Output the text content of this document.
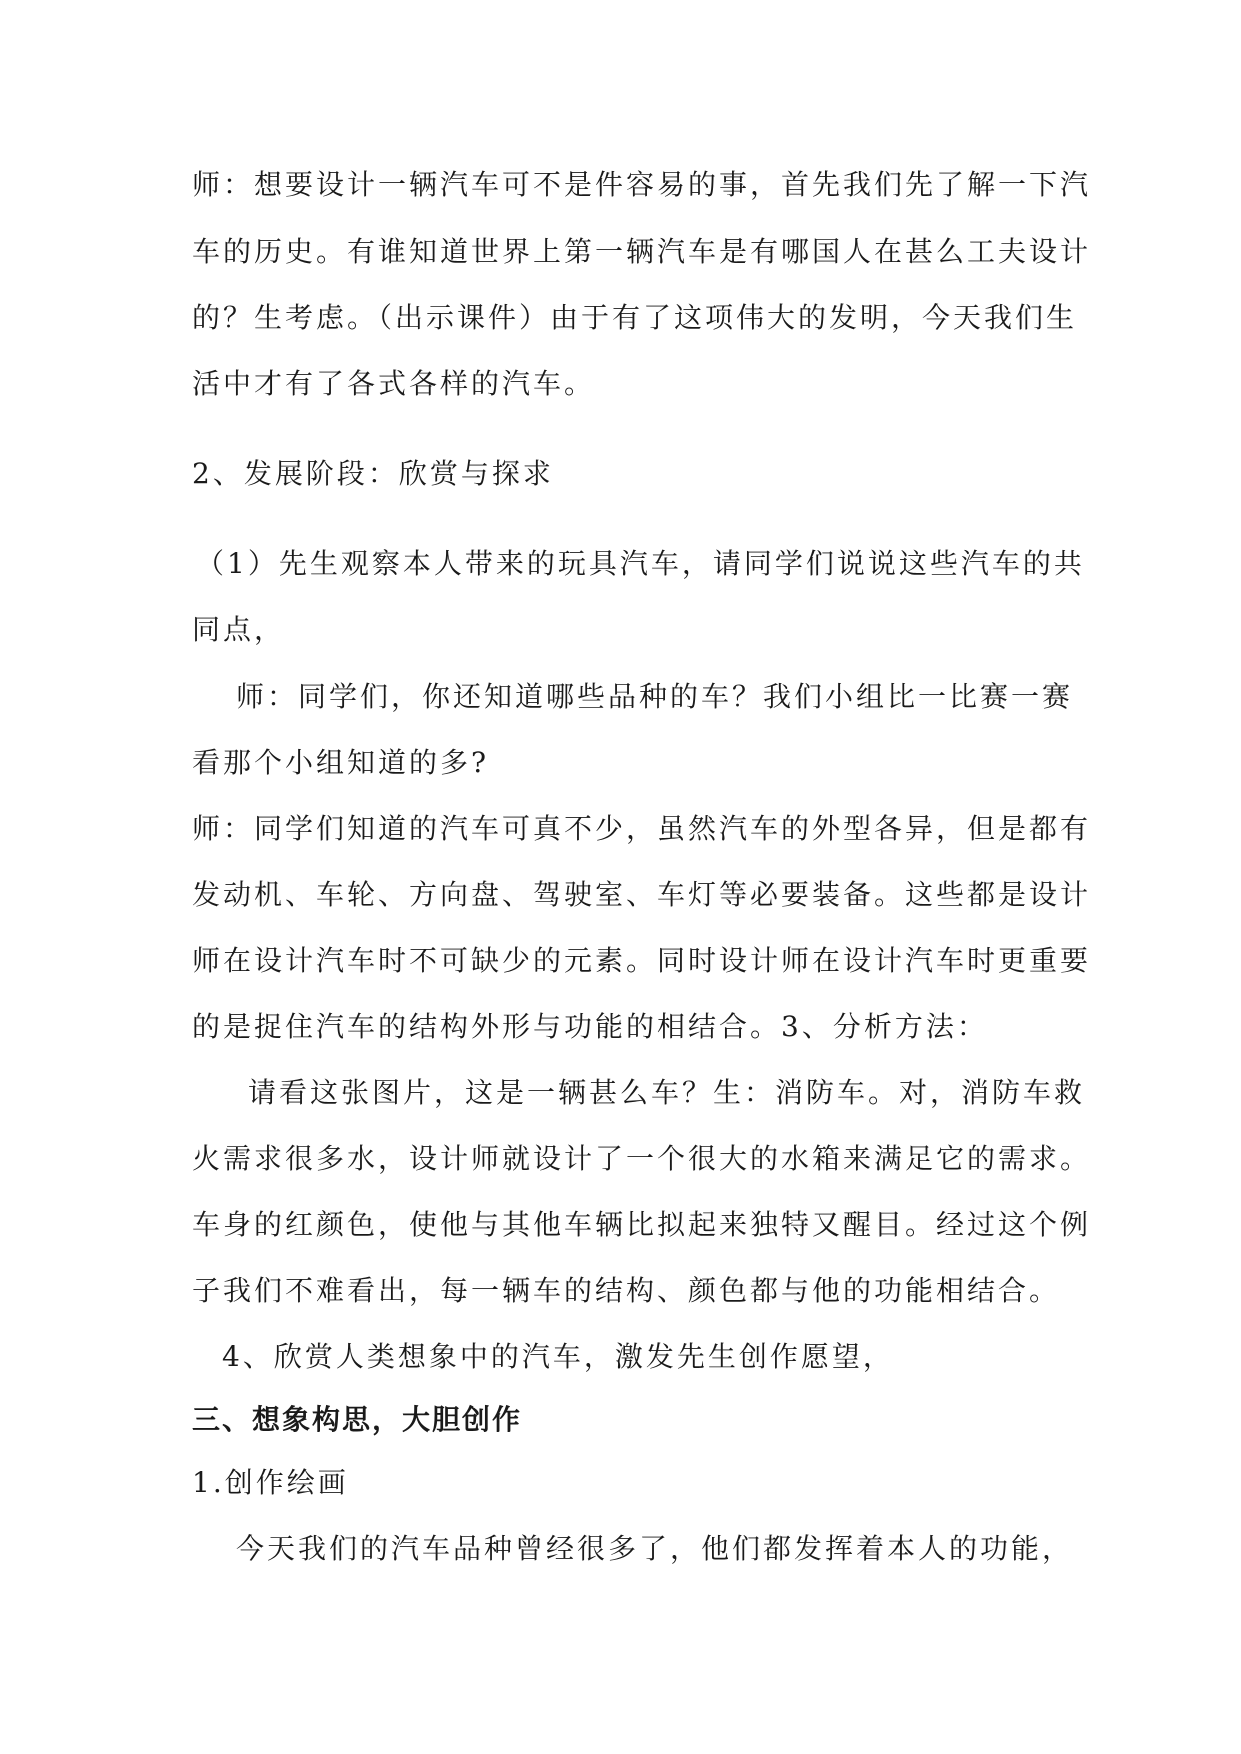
师：想要设计一辆汽车可不是件容易的事，首先我们先了解一下汽
车的历史。有谁知道世界上第一辆汽车是有哪国人在甚么工夫设计
的？生考虑。（出示课件）由于有了这项伟大的发明，今天我们生
活中才有了各式各样的汽车。
2、发展阶段：欣赏与探求
（1）先生观察本人带来的玩具汽车，请同学们说说这些汽车的共
同点，
师：同学们，你还知道哪些品种的车？我们小组比一比赛一赛
看那个小组知道的多?
师：同学们知道的汽车可真不少，虽然汽车的外型各异，但是都有
发动机、车轮、方向盘、驾驶室、车灯等必要装备。这些都是设计
师在设计汽车时不可缺少的元素。同时设计师在设计汽车时更重要
的是捉住汽车的结构外形与功能的相结合。3、分析方法：
请看这张图片，这是一辆甚么车？生：消防车。对，消防车救
火需求很多水，设计师就设计了一个很大的水箱来满足它的需求。
车身的红颜色，使他与其他车辆比拟起来独特又醒目。经过这个例
子我们不难看出，每一辆车的结构、颜色都与他的功能相结合。
4、欣赏人类想象中的汽车，激发先生创作愿望，
三、想象构思，大胆创作
1.创作绘画
今天我们的汽车品种曾经很多了，他们都发挥着本人的功能，
